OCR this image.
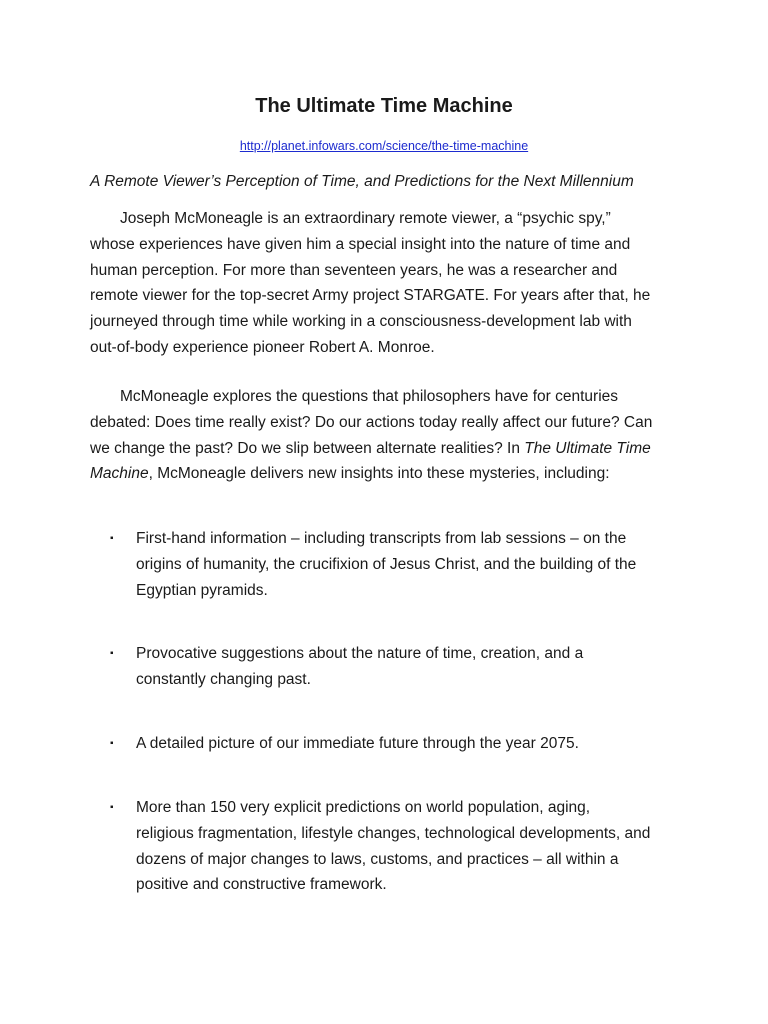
The Ultimate Time Machine
http://planet.infowars.com/science/the-time-machine
A Remote Viewer’s Perception of Time, and Predictions for the Next Millennium
Joseph McMoneagle is an extraordinary remote viewer, a “psychic spy,”
whose experiences have given him a special insight into the nature of time and
human perception. For more than seventeen years, he was a researcher and
remote viewer for the top-secret Army project STARGATE. For years after that, he
journeyed through time while working in a consciousness-development lab with
out-of-body experience pioneer Robert A. Monroe.
McMoneagle explores the questions that philosophers have for centuries
debated: Does time really exist? Do our actions today really affect our future? Can
we change the past? Do we slip between alternate realities? In The Ultimate Time
Machine, McMoneagle delivers new insights into these mysteries, including:
▪	First-hand information – including transcripts from lab sessions – on the
origins of humanity, the crucifixion of Jesus Christ, and the building of the
Egyptian pyramids.
▪	Provocative suggestions about the nature of time, creation, and a
constantly changing past.
▪	A detailed picture of our immediate future through the year 2075.
▪	More than 150 very explicit predictions on world population, aging,
religious fragmentation, lifestyle changes, technological developments, and
dozens of major changes to laws, customs, and practices – all within a
positive and constructive framework.
